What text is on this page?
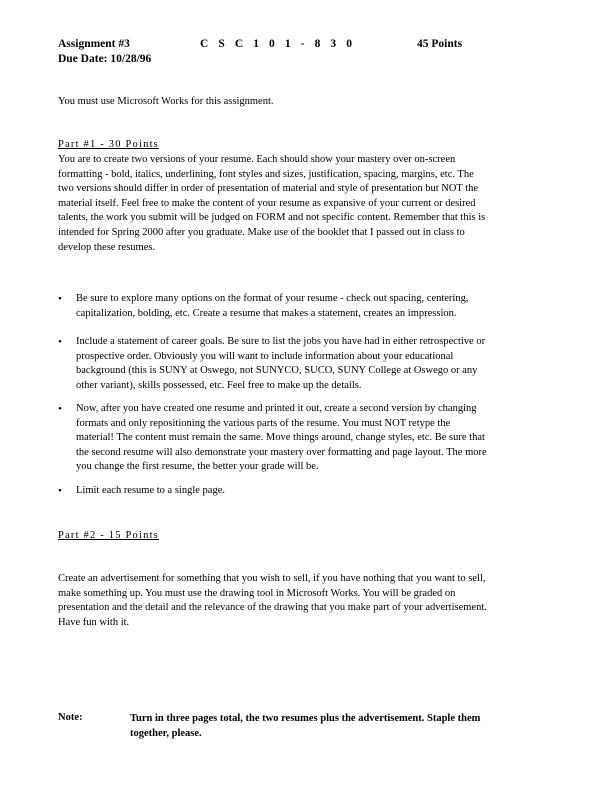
Assignment #3	C S C 1 0 1 - 8 3 0	45 Points
Due Date: 10/28/96
You must use Microsoft Works for this assignment.
Part #1 - 30 Points
You are to create two versions of your resume. Each should show your mastery over on-screen
formatting - bold, italics, underlining, font styles and sizes, justification, spacing, margins, etc. The
two versions should differ in order of presentation of material and style of presentation but NOT the
material itself. Feel free to make the content of your resume as expansive of your current or desired
talents, the work you submit will be judged on FORM and not specific content. Remember that this is
intended for Spring 2000 after you graduate. Make use of the booklet that I passed out in class to
develop these resumes.
• Be sure to explore many options on the format of your resume - check out spacing, centering,
capitalization, bolding, etc. Create a resume that makes a statement, creates an impression.
• Include a statement of career goals. Be sure to list the jobs you have had in either retrospective or
prospective order. Obviously you will want to include information about your educational
background (this is SUNY at Oswego, not SUNYCO, SUCO, SUNY College at Oswego or any
other variant), skills possessed, etc. Feel free to make up the details.
• Now, after you have created one resume and printed it out, create a second version by changing
formats and only repositioning the various parts of the resume. You must NOT retype the
material! The content must remain the same. Move things around, change styles, etc. Be sure that
the second resume will also demonstrate your mastery over formatting and page layout. The more
you change the first resume, the better your grade will be.
• Limit each resume to a single page.
Part #2 - 15 Points
Create an advertisement for something that you wish to sell, if you have nothing that you want to sell,
make something up. You must use the drawing tool in Microsoft Works. You will be graded on
presentation and the detail and the relevance of the drawing that you make part of your advertisement.
Have fun with it.
Note:	Turn in three pages total, the two resumes plus the advertisement. Staple them
together, please.
